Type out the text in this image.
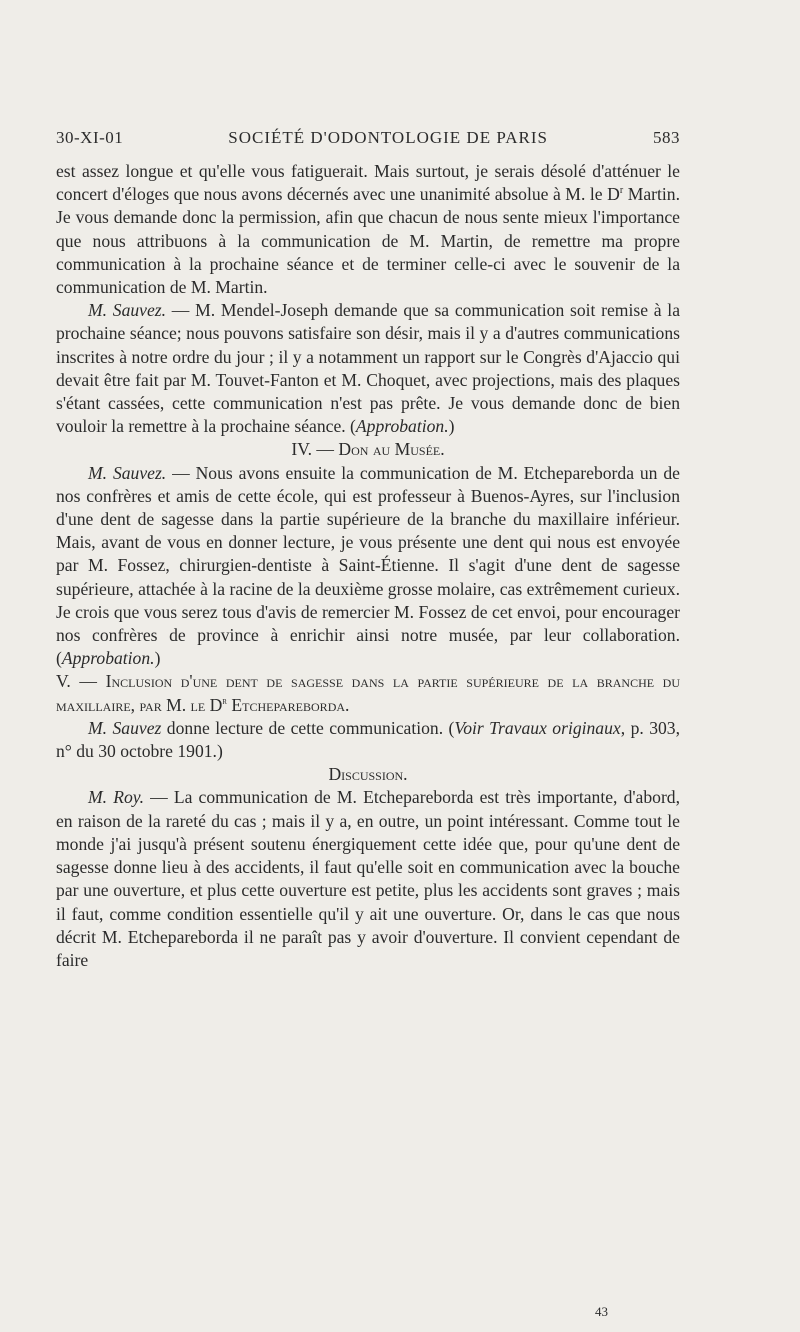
30-XI-01	SOCIÉTÉ D'ODONTOLOGIE DE PARIS	583

est assez longue et qu'elle vous fatiguerait. Mais surtout, je serais désolé d'atténuer le concert d'éloges que nous avons décernés avec une unanimité absolue à M. le $D^r$ Martin. Je vous demande donc la permission, afin que chacun de nous sente mieux l'importance que nous attribuons à la communication de M. Martin, de remettre ma propre communication à la prochaine séance et de terminer celle-ci avec le souvenir de la communication de M. Martin.

M. Sauvez. — M. Mendel-Joseph demande que sa communication soit remise à la prochaine séance; nous pouvons satisfaire son désir, mais il y a d'autres communications inscrites à notre ordre du jour ; il y a notamment un rapport sur le Congrès d'Ajaccio qui devait être fait par M. Touvet-Fanton et M. Choquet, avec projections, mais des plaques s'étant cassées, cette communication n'est pas prête. Je vous demande donc de bien vouloir la remettre à la prochaine séance. (Approbation.)

IV. — Don au Musée.

M. Sauvez. — Nous avons ensuite la communication de M. Etchepareborda un de nos confrères et amis de cette école, qui est professeur à Buenos-Ayres, sur l'inclusion d'une dent de sagesse dans la partie supérieure de la branche du maxillaire inférieur. Mais, avant de vous en donner lecture, je vous présente une dent qui nous est envoyée par M. Fossez, chirurgien-dentiste à Saint-Étienne. Il s'agit d'une dent de sagesse supérieure, attachée à la racine de la deuxième grosse molaire, cas extrêmement curieux. Je crois que vous serez tous d'avis de remercier M. Fossez de cet envoi, pour encourager nos confrères de province à enrichir ainsi notre musée, par leur collaboration. (Approbation.)

V. — Inclusion d'une dent de sagesse dans la partie supérieure de la branche du maxillaire, par M. le $D^r$ Etchepareborda.

M. Sauvez donne lecture de cette communication. (Voir Travaux originaux, p. 303, n° du 30 octobre 1901.)

Discussion.

M. Roy. — La communication de M. Etchepareborda est très importante, d'abord, en raison de la rareté du cas ; mais il y a, en outre, un point intéressant. Comme tout le monde j'ai jusqu'à présent soutenu énergiquement cette idée que, pour qu'une dent de sagesse donne lieu à des accidents, il faut qu'elle soit en communication avec la bouche par une ouverture, et plus cette ouverture est petite, plus les accidents sont graves ; mais il faut, comme condition essentielle qu'il y ait une ouverture. Or, dans le cas que nous décrit M. Etchepareborda il ne paraît pas y avoir d'ouverture. Il convient cependant de faire

43
